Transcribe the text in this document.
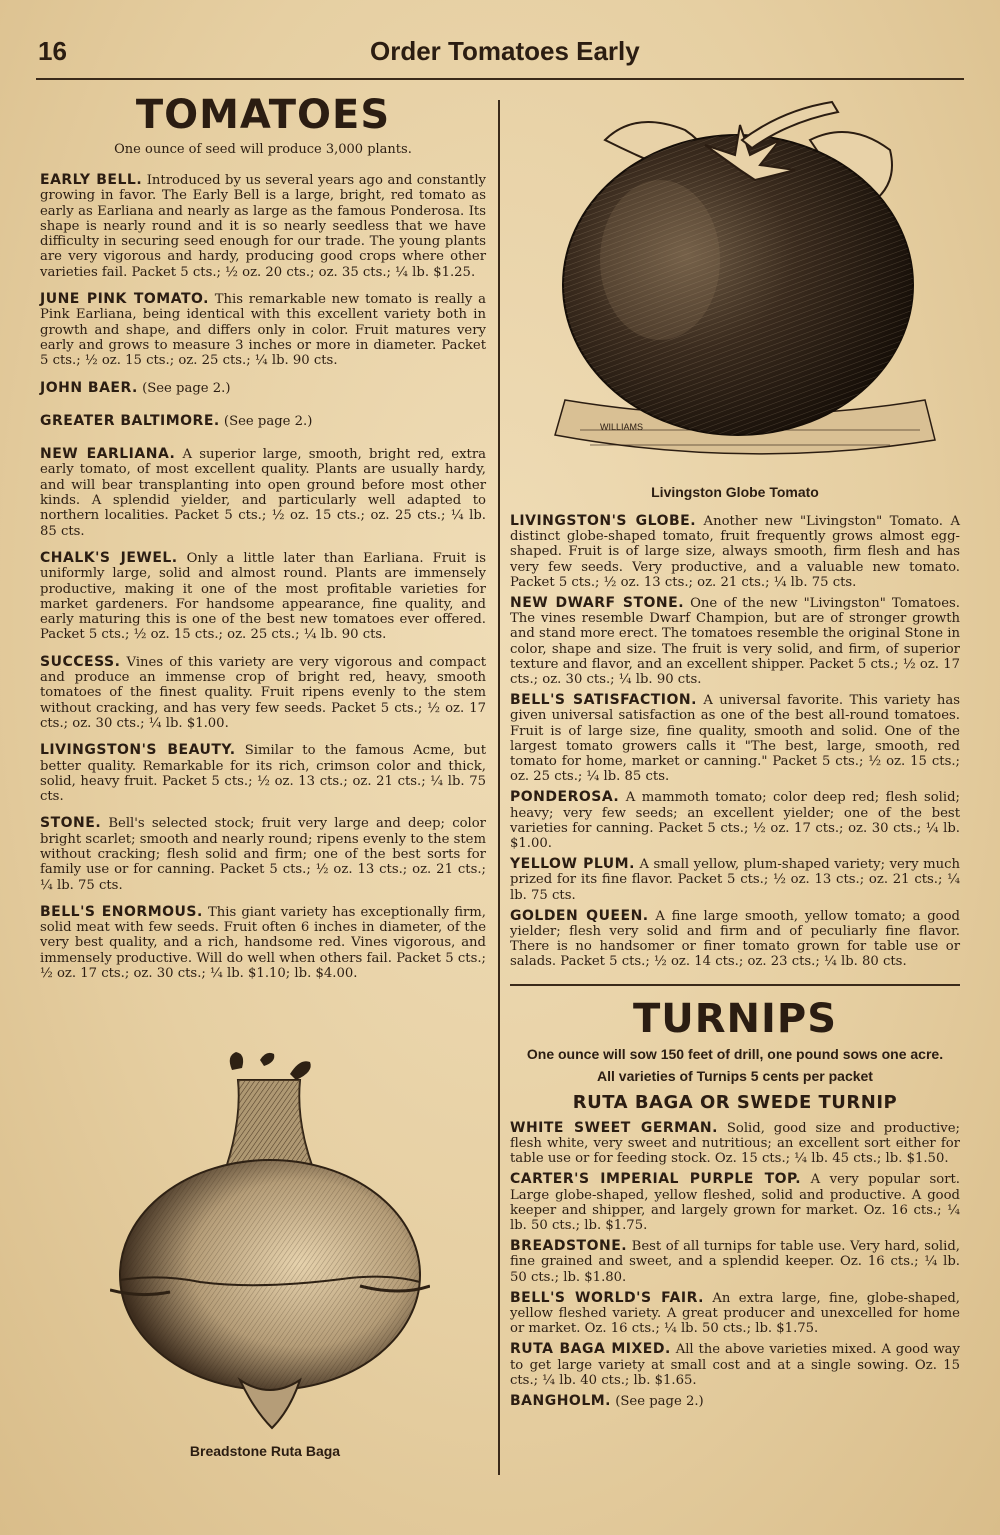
16	Order Tomatoes Early
TOMATOES
One ounce of seed will produce 3,000 plants.
EARLY BELL. Introduced by us several years ago and constantly growing in favor. The Early Bell is a large, bright, red tomato as early as Earliana and nearly as large as the famous Ponderosa. Its shape is nearly round and it is so nearly seedless that we have difficulty in securing seed enough for our trade. The young plants are very vigorous and hardy, producing good crops where other varieties fail. Packet 5 cts.; ½ oz. 20 cts.; oz. 35 cts.; ¼ lb. $1.25.
JUNE PINK TOMATO. This remarkable new tomato is really a Pink Earliana, being identical with this excellent variety both in growth and shape, and differs only in color. Fruit matures very early and grows to measure 3 inches or more in diameter. Packet 5 cts.; ½ oz. 15 cts.; oz. 25 cts.; ¼ lb. 90 cts.
JOHN BAER. (See page 2.)
GREATER BALTIMORE. (See page 2.)
NEW EARLIANA. A superior large, smooth, bright red, extra early tomato, of most excellent quality. Plants are usually hardy, and will bear transplanting into open ground before most other kinds. A splendid yielder, and particularly well adapted to northern localities. Packet 5 cts.; ½ oz. 15 cts.; oz. 25 cts.; ¼ lb. 85 cts.
CHALK'S JEWEL. Only a little later than Earliana. Fruit is uniformly large, solid and almost round. Plants are immensely productive, making it one of the most profitable varieties for market gardeners. For handsome appearance, fine quality, and early maturing this is one of the best new tomatoes ever offered. Packet 5 cts.; ½ oz. 15 cts.; oz. 25 cts.; ¼ lb. 90 cts.
SUCCESS. Vines of this variety are very vigorous and compact and produce an immense crop of bright red, heavy, smooth tomatoes of the finest quality. Fruit ripens evenly to the stem without cracking, and has very few seeds. Packet 5 cts.; ½ oz. 17 cts.; oz. 30 cts.; ¼ lb. $1.00.
LIVINGSTON'S BEAUTY. Similar to the famous Acme, but better quality. Remarkable for its rich, crimson color and thick, solid, heavy fruit. Packet 5 cts.; ½ oz. 13 cts.; oz. 21 cts.; ¼ lb. 75 cts.
STONE. Bell's selected stock; fruit very large and deep; color bright scarlet; smooth and nearly round; ripens evenly to the stem without cracking; flesh solid and firm; one of the best sorts for family use or for canning. Packet 5 cts.; ½ oz. 13 cts.; oz. 21 cts.; ¼ lb. 75 cts.
BELL'S ENORMOUS. This giant variety has exceptionally firm, solid meat with few seeds. Fruit often 6 inches in diameter, of the very best quality, and a rich, handsome red. Vines vigorous, and immensely productive. Will do well when others fail. Packet 5 cts.; ½ oz. 17 cts.; oz. 30 cts.; ¼ lb. $1.10; lb. $4.00.
Breadstone Ruta Baga
WILLIAMS
Livingston Globe Tomato
LIVINGSTON'S GLOBE. Another new "Livingston" Tomato. A distinct globe-shaped tomato, fruit frequently grows almost egg-shaped. Fruit is of large size, always smooth, firm flesh and has very few seeds. Very productive, and a valuable new tomato. Packet 5 cts.; ½ oz. 13 cts.; oz. 21 cts.; ¼ lb. 75 cts.
NEW DWARF STONE. One of the new "Livingston" Tomatoes. The vines resemble Dwarf Champion, but are of stronger growth and stand more erect. The tomatoes resemble the original Stone in color, shape and size. The fruit is very solid, and firm, of superior texture and flavor, and an excellent shipper. Packet 5 cts.; ½ oz. 17 cts.; oz. 30 cts.; ¼ lb. 90 cts.
BELL'S SATISFACTION. A universal favorite. This variety has given universal satisfaction as one of the best all-round tomatoes. Fruit is of large size, fine quality, smooth and solid. One of the largest tomato growers calls it "The best, large, smooth, red tomato for home, market or canning." Packet 5 cts.; ½ oz. 15 cts.; oz. 25 cts.; ¼ lb. 85 cts.
PONDEROSA. A mammoth tomato; color deep red; flesh solid; heavy; very few seeds; an excellent yielder; one of the best varieties for canning. Packet 5 cts.; ½ oz. 17 cts.; oz. 30 cts.; ¼ lb. $1.00.
YELLOW PLUM. A small yellow, plum-shaped variety; very much prized for its fine flavor. Packet 5 cts.; ½ oz. 13 cts.; oz. 21 cts.; ¼ lb. 75 cts.
GOLDEN QUEEN. A fine large smooth, yellow tomato; a good yielder; flesh very solid and firm and of peculiarly fine flavor. There is no handsomer or finer tomato grown for table use or salads. Packet 5 cts.; ½ oz. 14 cts.; oz. 23 cts.; ¼ lb. 80 cts.
TURNIPS
One ounce will sow 150 feet of drill, one pound sows one acre.
All varieties of Turnips 5 cents per packet
RUTA BAGA OR SWEDE TURNIP
WHITE SWEET GERMAN. Solid, good size and productive; flesh white, very sweet and nutritious; an excellent sort either for table use or for feeding stock. Oz. 15 cts.; ¼ lb. 45 cts.; lb. $1.50.
CARTER'S IMPERIAL PURPLE TOP. A very popular sort. Large globe-shaped, yellow fleshed, solid and productive. A good keeper and shipper, and largely grown for market. Oz. 16 cts.; ¼ lb. 50 cts.; lb. $1.75.
BREADSTONE. Best of all turnips for table use. Very hard, solid, fine grained and sweet, and a splendid keeper. Oz. 16 cts.; ¼ lb. 50 cts.; lb. $1.80.
BELL'S WORLD'S FAIR. An extra large, fine, globe-shaped, yellow fleshed variety. A great producer and unexcelled for home or market. Oz. 16 cts.; ¼ lb. 50 cts.; lb. $1.75.
RUTA BAGA MIXED. All the above varieties mixed. A good way to get large variety at small cost and at a single sowing. Oz. 15 cts.; ¼ lb. 40 cts.; lb. $1.65.
BANGHOLM. (See page 2.)
